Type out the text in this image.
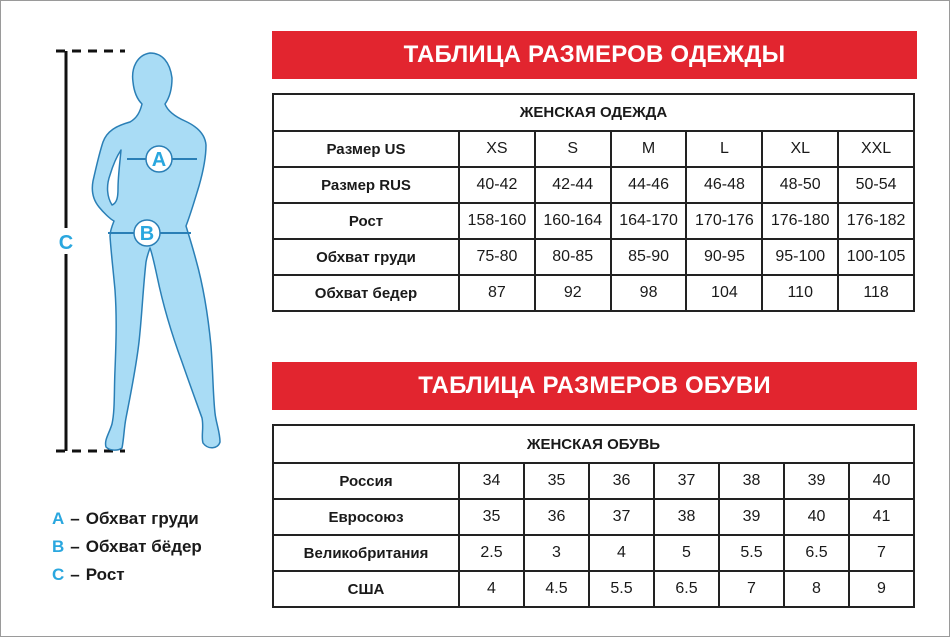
A
B
C
A – Обхват груди
B – Обхват бёдер
C – Рост
ТАБЛИЦА РАЗМЕРОВ ОДЕЖДЫ
ЖЕНСКАЯ ОДЕЖДА						
Размер US	XS	S	M	L	XL	XXL
Размер RUS	40-42	42-44	44-46	46-48	48-50	50-54
Рост	158-160	160-164	164-170	170-176	176-180	176-182
Обхват груди	75-80	80-85	85-90	90-95	95-100	100-105
Обхват бедер	87	92	98	104	110	118
ТАБЛИЦА РАЗМЕРОВ ОБУВИ
ЖЕНСКАЯ ОБУВЬ							
Россия	34	35	36	37	38	39	40
Евросоюз	35	36	37	38	39	40	41
Великобритания	2.5	3	4	5	5.5	6.5	7
США	4	4.5	5.5	6.5	7	8	9
